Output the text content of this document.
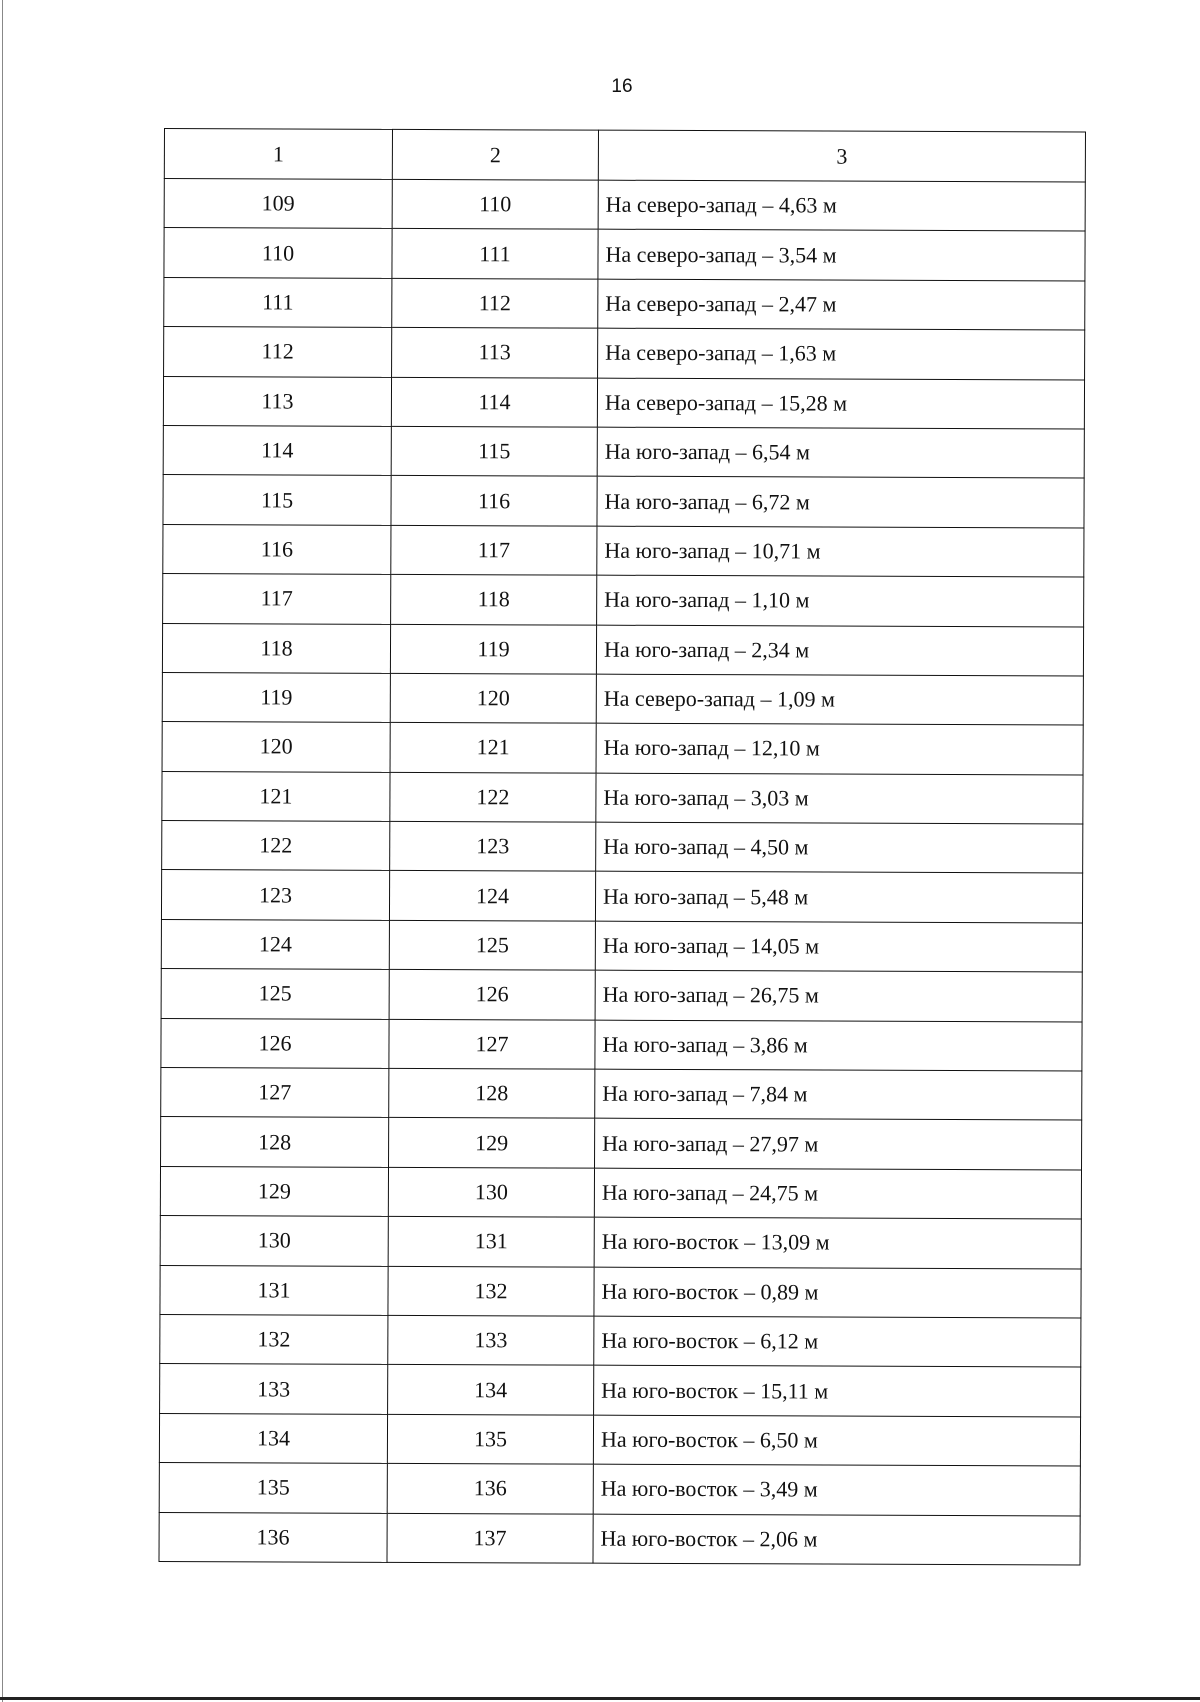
16
1	2	3
109	110	На северо-запад – 4,63 м
110	111	На северо-запад – 3,54 м
111	112	На северо-запад – 2,47 м
112	113	На северо-запад – 1,63 м
113	114	На северо-запад – 15,28 м
114	115	На юго-запад – 6,54 м
115	116	На юго-запад – 6,72 м
116	117	На юго-запад – 10,71 м
117	118	На юго-запад – 1,10 м
118	119	На юго-запад – 2,34 м
119	120	На северо-запад – 1,09 м
120	121	На юго-запад – 12,10 м
121	122	На юго-запад – 3,03 м
122	123	На юго-запад – 4,50 м
123	124	На юго-запад – 5,48 м
124	125	На юго-запад – 14,05 м
125	126	На юго-запад – 26,75 м
126	127	На юго-запад – 3,86 м
127	128	На юго-запад – 7,84 м
128	129	На юго-запад – 27,97 м
129	130	На юго-запад – 24,75 м
130	131	На юго-восток – 13,09 м
131	132	На юго-восток – 0,89 м
132	133	На юго-восток – 6,12 м
133	134	На юго-восток – 15,11 м
134	135	На юго-восток – 6,50 м
135	136	На юго-восток – 3,49 м
136	137	На юго-восток – 2,06 м
